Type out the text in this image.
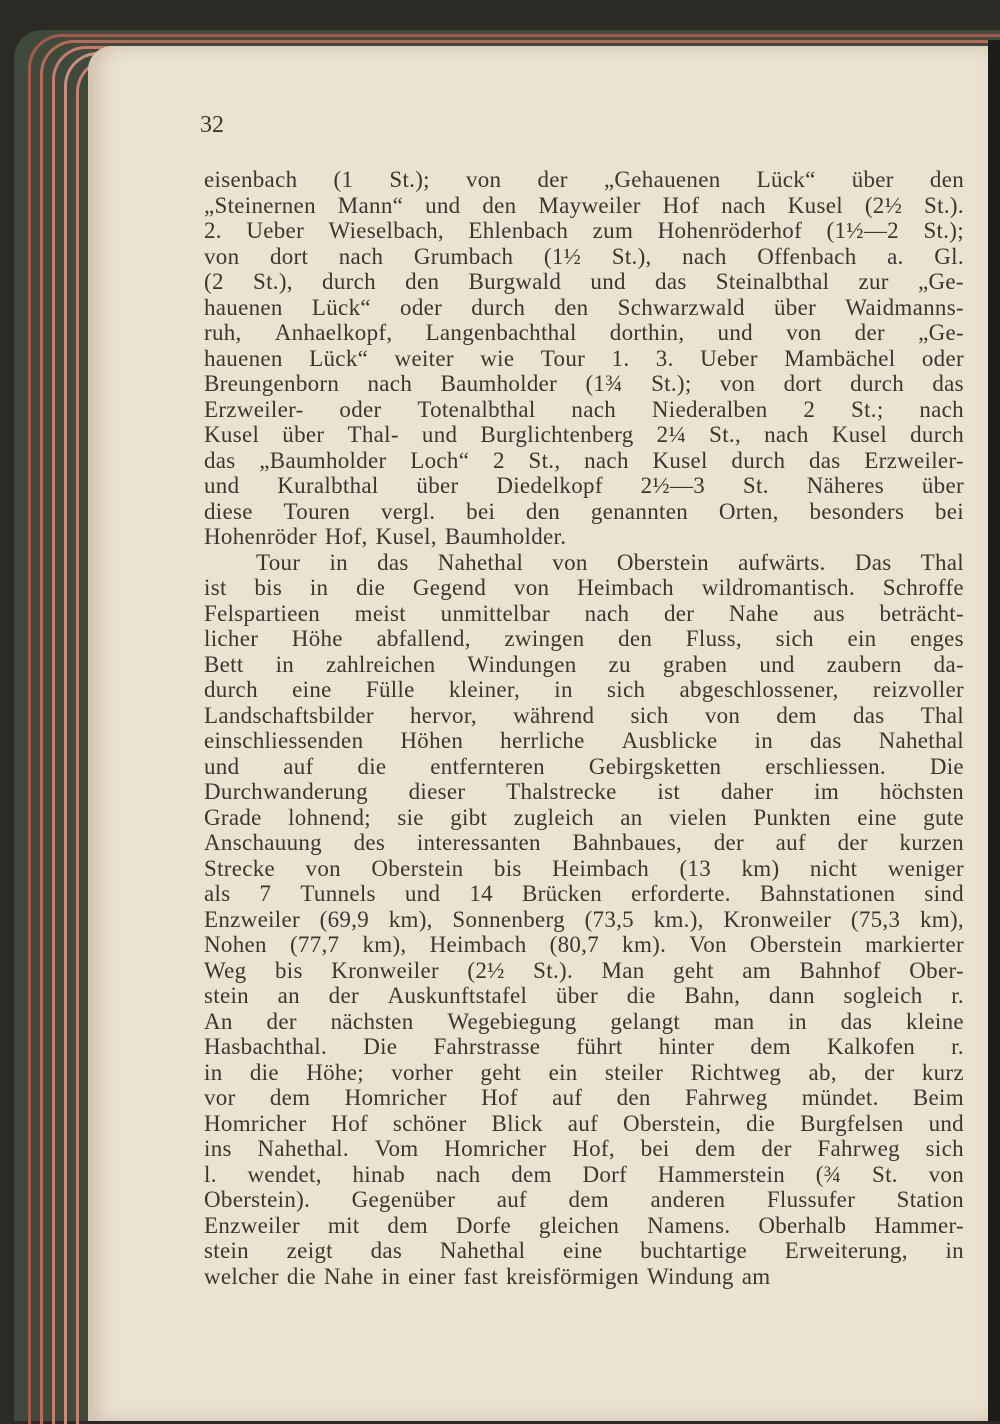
32
eisenbach (1 St.); von der „Gehauenen Lück“ über den
„Steinernen Mann“ und den Mayweiler Hof nach Kusel (2½ St.).
2. Ueber Wieselbach, Ehlenbach zum Hohenröderhof (1½—2 St.);
von dort nach Grumbach (1½ St.), nach Offenbach a. Gl.
(2 St.), durch den Burgwald und das Steinalbthal zur „Ge-
hauenen Lück“ oder durch den Schwarzwald über Waidmanns-
ruh, Anhaelkopf, Langenbachthal dorthin, und von der „Ge-
hauenen Lück“ weiter wie Tour 1. 3. Ueber Mambächel oder
Breungenborn nach Baumholder (1¾ St.); von dort durch das
Erzweiler- oder Totenalbthal nach Niederalben 2 St.; nach
Kusel über Thal- und Burglichtenberg 2¼ St., nach Kusel durch
das „Baumholder Loch“ 2 St., nach Kusel durch das Erzweiler-
und Kuralbthal über Diedelkopf 2½—3 St. Näheres über
diese Touren vergl. bei den genannten Orten, besonders bei
Hohenröder Hof, Kusel, Baumholder.
Tour in das Nahethal von Oberstein aufwärts. Das Thal
ist bis in die Gegend von Heimbach wildromantisch. Schroffe
Felspartieen meist unmittelbar nach der Nahe aus beträcht-
licher Höhe abfallend, zwingen den Fluss, sich ein enges
Bett in zahlreichen Windungen zu graben und zaubern da-
durch eine Fülle kleiner, in sich abgeschlossener, reizvoller
Landschaftsbilder hervor, während sich von dem das Thal
einschliessenden Höhen herrliche Ausblicke in das Nahethal
und auf die entfernteren Gebirgsketten erschliessen. Die
Durchwanderung dieser Thalstrecke ist daher im höchsten
Grade lohnend; sie gibt zugleich an vielen Punkten eine gute
Anschauung des interessanten Bahnbaues, der auf der kurzen
Strecke von Oberstein bis Heimbach (13 km) nicht weniger
als 7 Tunnels und 14 Brücken erforderte. Bahnstationen sind
Enzweiler (69,9 km), Sonnenberg (73,5 km.), Kronweiler (75,3 km),
Nohen (77,7 km), Heimbach (80,7 km). Von Oberstein markierter
Weg bis Kronweiler (2½ St.). Man geht am Bahnhof Ober-
stein an der Auskunftstafel über die Bahn, dann sogleich r.
An der nächsten Wegebiegung gelangt man in das kleine
Hasbachthal. Die Fahrstrasse führt hinter dem Kalkofen r.
in die Höhe; vorher geht ein steiler Richtweg ab, der kurz
vor dem Homricher Hof auf den Fahrweg mündet. Beim
Homricher Hof schöner Blick auf Oberstein, die Burgfelsen und
ins Nahethal. Vom Homricher Hof, bei dem der Fahrweg sich
l. wendet, hinab nach dem Dorf Hammerstein (¾ St. von
Oberstein). Gegenüber auf dem anderen Flussufer Station
Enzweiler mit dem Dorfe gleichen Namens. Oberhalb Hammer-
stein zeigt das Nahethal eine buchtartige Erweiterung, in
welcher die Nahe in einer fast kreisförmigen Windung am
